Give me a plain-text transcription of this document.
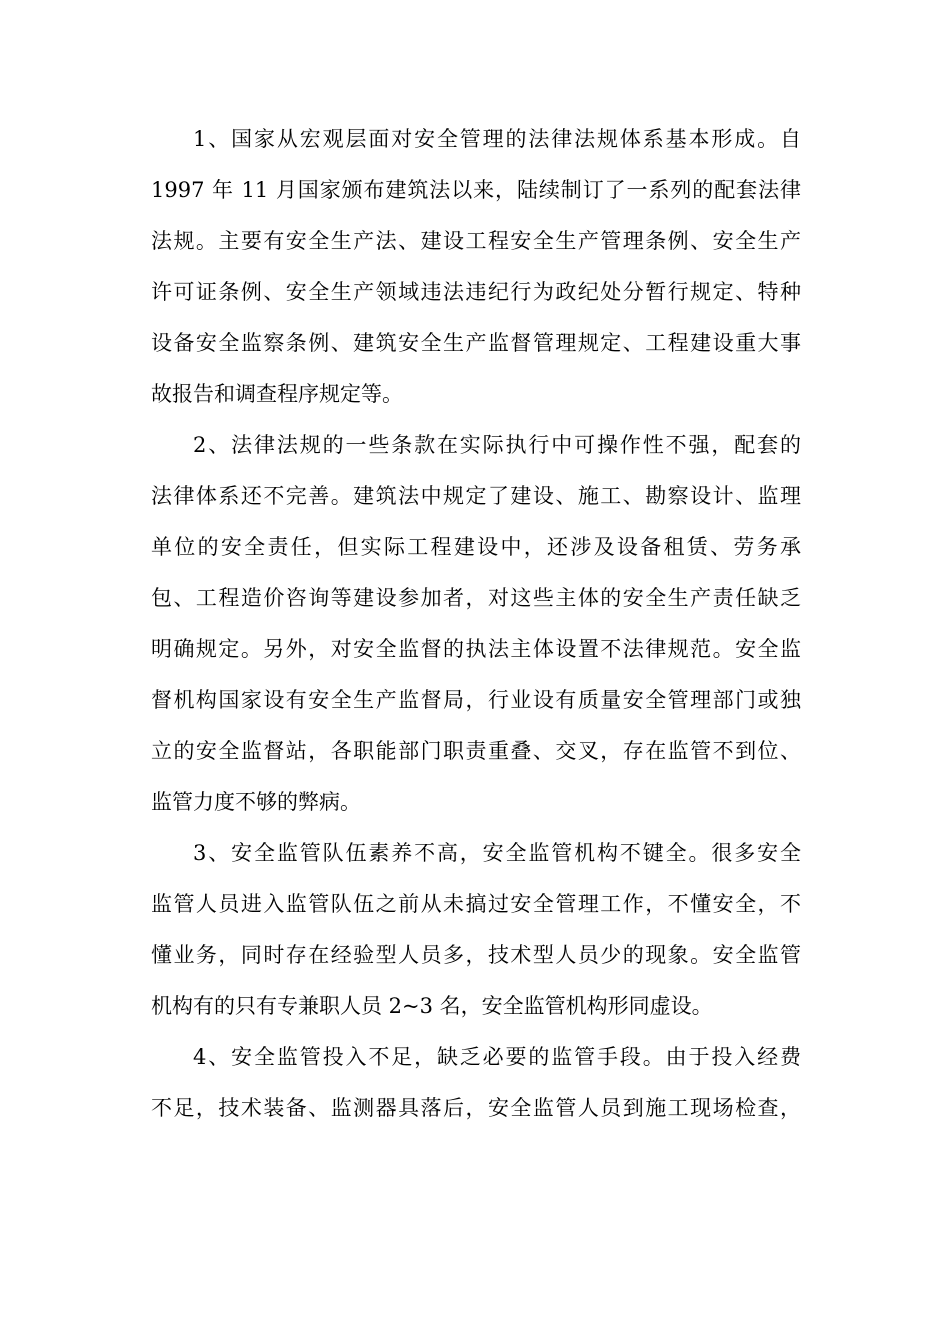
1、国家从宏观层面对安全管理的法律法规体系基本形成。自
1997 年 11 月国家颁布建筑法以来，陆续制订了一系列的配套法律
法规。主要有安全生产法、建设工程安全生产管理条例、安全生产
许可证条例、安全生产领域违法违纪行为政纪处分暂行规定、特种
设备安全监察条例、建筑安全生产监督管理规定、工程建设重大事
故报告和调查程序规定等。
2、法律法规的一些条款在实际执行中可操作性不强，配套的
法律体系还不完善。建筑法中规定了建设、施工、勘察设计、监理
单位的安全责任，但实际工程建设中，还涉及设备租赁、劳务承
包、工程造价咨询等建设参加者，对这些主体的安全生产责任缺乏
明确规定。另外，对安全监督的执法主体设置不法律规范。安全监
督机构国家设有安全生产监督局，行业设有质量安全管理部门或独
立的安全监督站，各职能部门职责重叠、交叉，存在监管不到位、
监管力度不够的弊病。
3、安全监管队伍素养不高，安全监管机构不键全。很多安全
监管人员进入监管队伍之前从未搞过安全管理工作，不懂安全，不
懂业务，同时存在经验型人员多，技术型人员少的现象。安全监管
机构有的只有专兼职人员 2~3 名，安全监管机构形同虚设。
4、安全监管投入不足，缺乏必要的监管手段。由于投入经费
不足，技术装备、监测器具落后，安全监管人员到施工现场检查，
